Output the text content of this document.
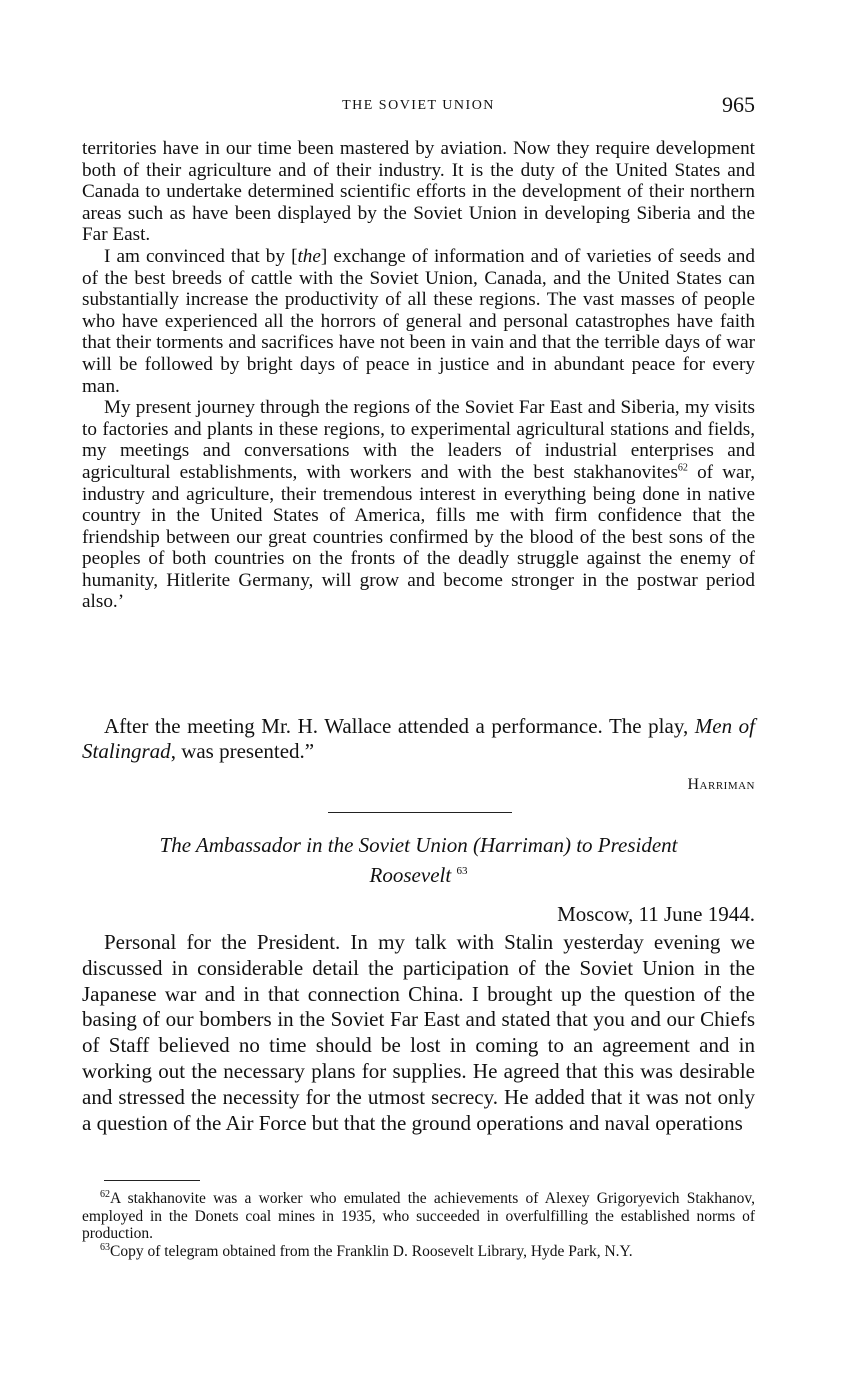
THE SOVIET UNION	965

territories have in our time been mastered by aviation. Now they require development both of their agriculture and of their industry. It is the duty of the United States and Canada to undertake determined scientific efforts in the development of their northern areas such as have been displayed by the Soviet Union in developing Siberia and the Far East.

I am convinced that by [the] exchange of information and of varieties of seeds and of the best breeds of cattle with the Soviet Union, Canada, and the United States can substantially increase the productivity of all these regions. The vast masses of people who have experienced all the horrors of general and personal catastrophes have faith that their torments and sacrifices have not been in vain and that the terrible days of war will be followed by bright days of peace in justice and in abundant peace for every man.

My present journey through the regions of the Soviet Far East and Siberia, my visits to factories and plants in these regions, to experimental agricultural stations and fields, my meetings and conversations with the leaders of industrial enterprises and agricultural establishments, with workers and with the best stakhanovites$^{62}$ of war, industry and agriculture, their tremendous interest in everything being done in native country in the United States of America, fills me with firm confidence that the friendship between our great countries confirmed by the blood of the best sons of the peoples of both countries on the fronts of the deadly struggle against the enemy of humanity, Hitlerite Germany, will grow and become stronger in the postwar period also.’

After the meeting Mr. H. Wallace attended a performance. The play, Men of Stalingrad, was presented.”

Harriman
The Ambassador in the Soviet Union (Harriman) to President
Roosevelt $^{63}$
Moscow, 11 June 1944.

Personal for the President. In my talk with Stalin yesterday evening we discussed in considerable detail the participation of the Soviet Union in the Japanese war and in that connection China. I brought up the question of the basing of our bombers in the Soviet Far East and stated that you and our Chiefs of Staff believed no time should be lost in coming to an agreement and in working out the necessary plans for supplies. He agreed that this was desirable and stressed the necessity for the utmost secrecy. He added that it was not only a question of the Air Force but that the ground operations and naval operations

$^{62}$A stakhanovite was a worker who emulated the achievements of Alexey Grigoryevich Stakhanov, employed in the Donets coal mines in 1935, who succeeded in overfulfilling the established norms of production.

$^{63}$Copy of telegram obtained from the Franklin D. Roosevelt Library, Hyde Park, N.Y.
